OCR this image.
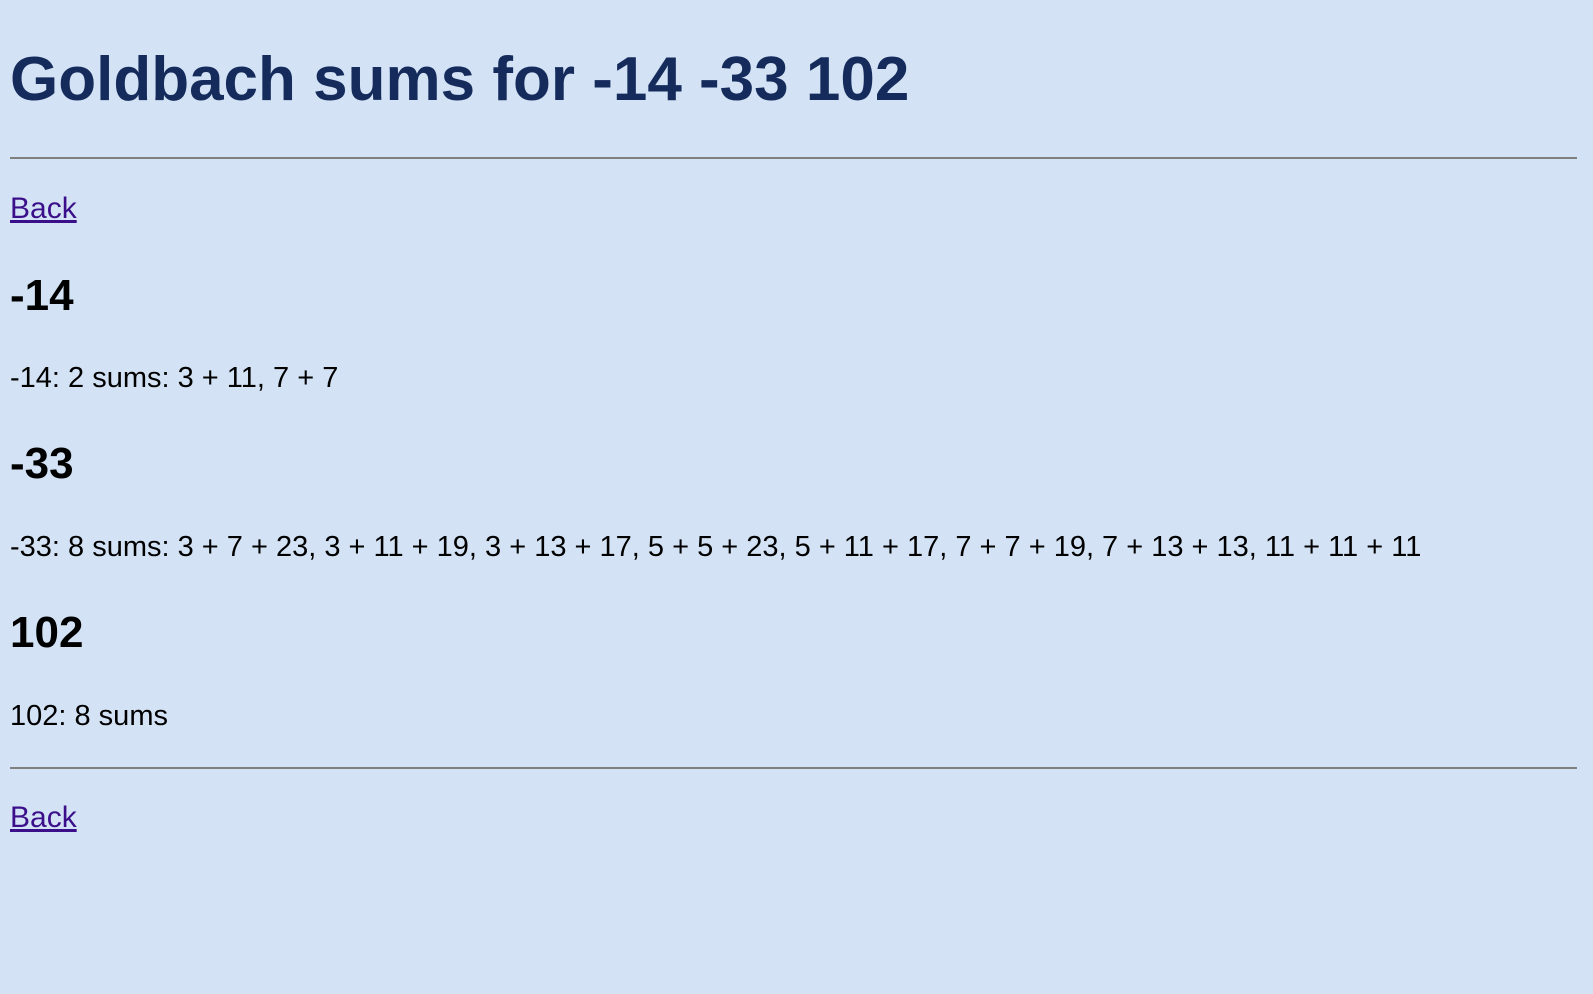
Goldbach sums for -14 -33 102
Back
-14

-14: 2 sums: 3 + 11, 7 + 7

-33

-33: 8 sums: 3 + 7 + 23, 3 + 11 + 19, 3 + 13 + 17, 5 + 5 + 23, 5 + 11 + 17, 7 + 7 + 19, 7 + 13 + 13, 11 + 11 + 11

102

102: 8 sums

Back
